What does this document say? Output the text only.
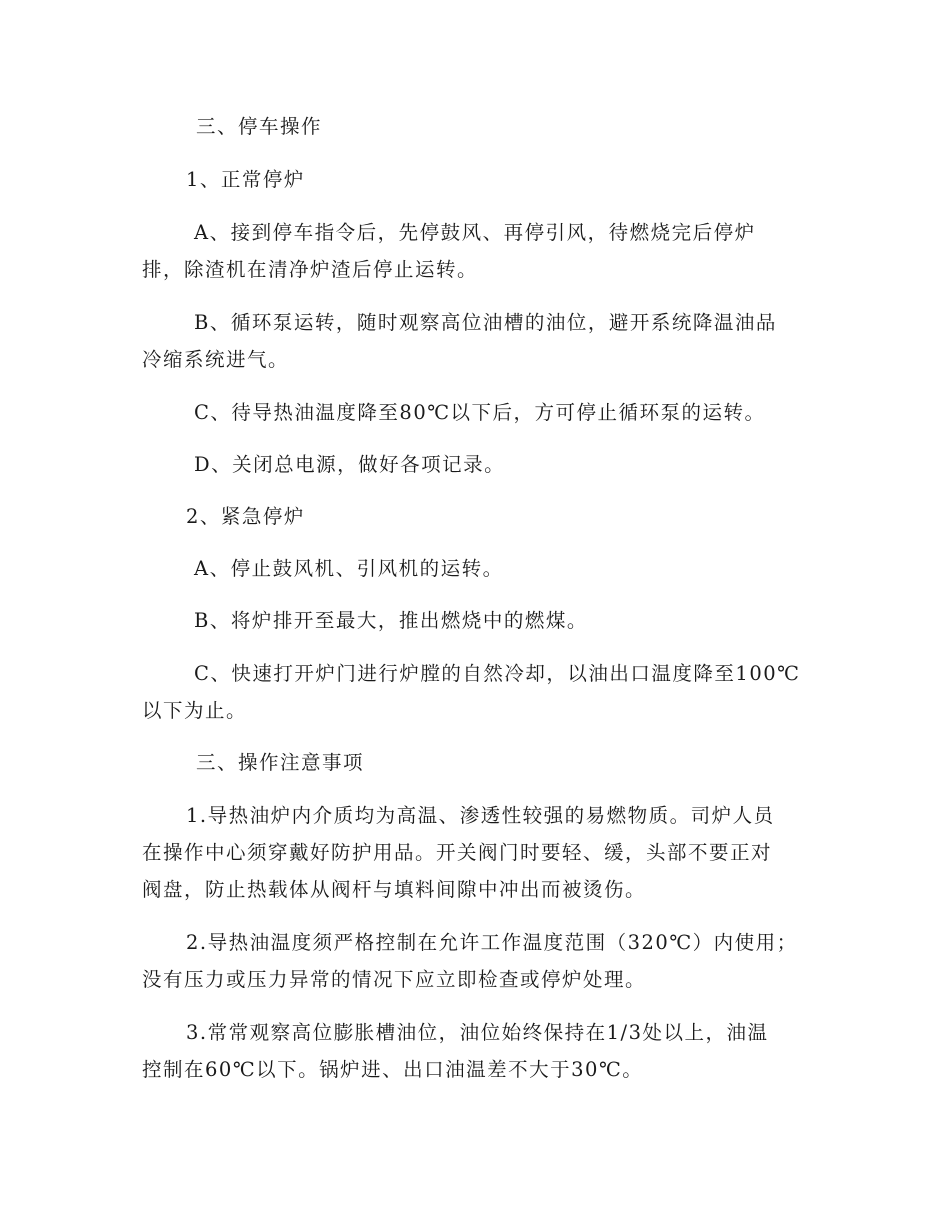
三、停车操作
1、正常停炉
A、接到停车指令后，先停鼓风、再停引风，待燃烧完后停炉
排，除渣机在清净炉渣后停止运转。
B、循环泵运转，随时观察高位油槽的油位，避开系统降温油品
冷缩系统进气。
C、待导热油温度降至80℃以下后，方可停止循环泵的运转。
D、关闭总电源，做好各项记录。
2、紧急停炉
A、停止鼓风机、引风机的运转。
B、将炉排开至最大，推出燃烧中的燃煤。
C、快速打开炉门进行炉膛的自然冷却，以油出口温度降至100℃
以下为止。
三、操作注意事项
1.导热油炉内介质均为高温、渗透性较强的易燃物质。司炉人员
在操作中心须穿戴好防护用品。开关阀门时要轻、缓，头部不要正对
阀盘，防止热载体从阀杆与填料间隙中冲出而被烫伤。
2.导热油温度须严格控制在允许工作温度范围（320℃）内使用；
没有压力或压力异常的情况下应立即检查或停炉处理。
3.常常观察高位膨胀槽油位，油位始终保持在1/3处以上，油温
控制在60℃以下。锅炉进、出口油温差不大于30℃。
